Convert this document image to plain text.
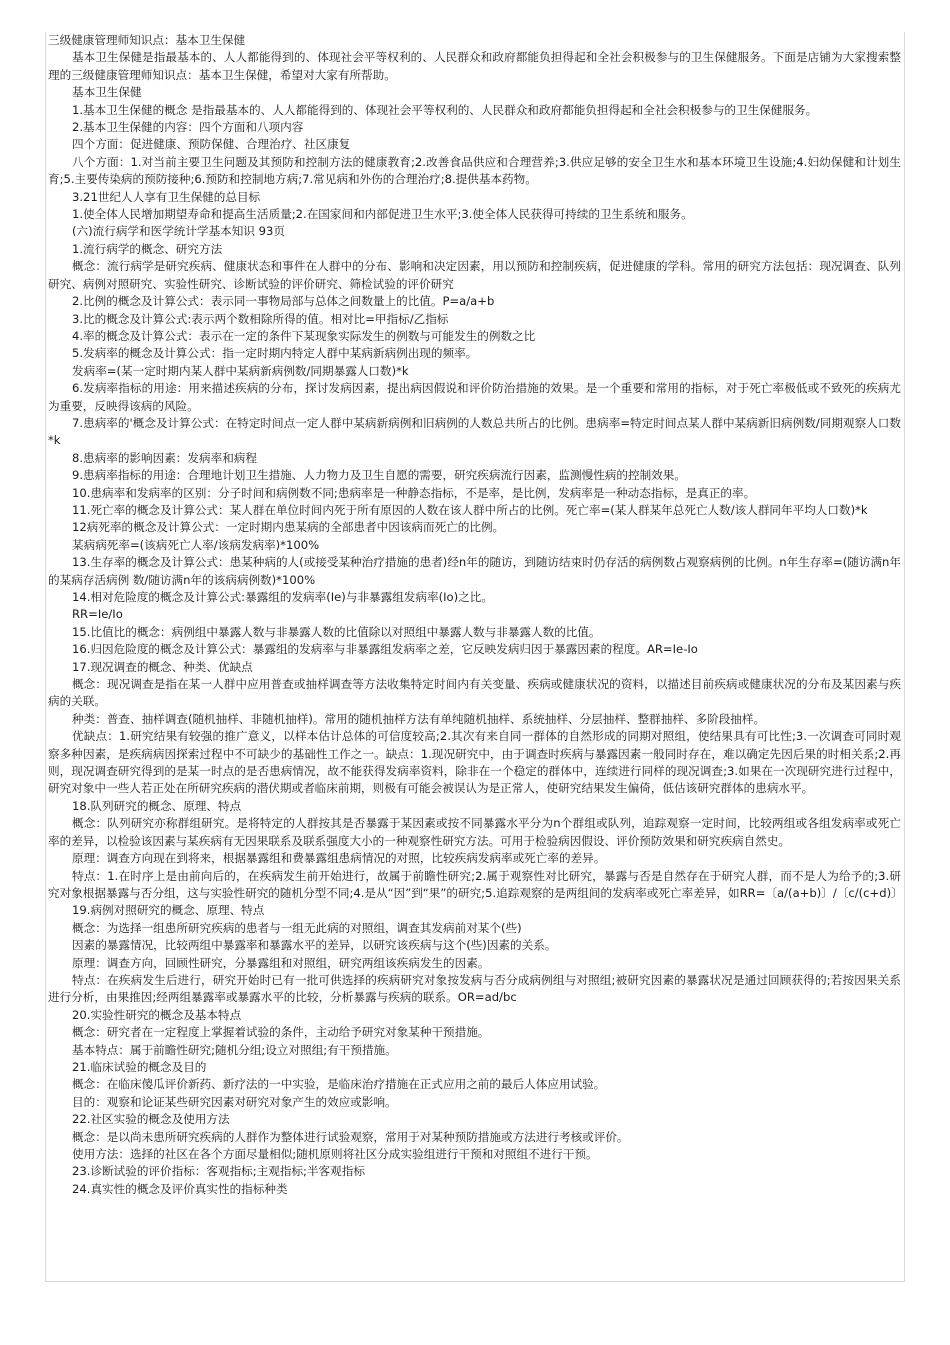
三级健康管理师知识点：基本卫生保健

基本卫生保健是指最基本的、人人都能得到的、体现社会平等权利的、人民群众和政府都能负担得起和全社会积极参与的卫生保健服务。下面是店铺为大家搜索整理的三级健康管理师知识点：基本卫生保健，希望对大家有所帮助。

基本卫生保健

1.基本卫生保健的概念 是指最基本的、人人都能得到的、体现社会平等权利的、人民群众和政府都能负担得起和全社会积极参与的卫生保健服务。

2.基本卫生保健的内容：四个方面和八项内容

四个方面：促进健康、预防保健、合理治疗、社区康复

八个方面：1.对当前主要卫生问题及其预防和控制方法的健康教育;2.改善食品供应和合理营养;3.供应足够的安全卫生水和基本环境卫生设施;4.妇幼保健和计划生育;5.主要传染病的预防接种;6.预防和控制地方病;7.常见病和外伤的合理治疗;8.提供基本药物。

3.21世纪人人享有卫生保健的总目标

1.使全体人民增加期望寿命和提高生活质量;2.在国家间和内部促进卫生水平;3.使全体人民获得可持续的卫生系统和服务。

(六)流行病学和医学统计学基本知识 93页

1.流行病学的概念、研究方法

概念：流行病学是研究疾病、健康状态和事件在人群中的分布、影响和决定因素，用以预防和控制疾病，促进健康的学科。常用的研究方法包括：现况调查、队列研究、病例对照研究、实验性研究、诊断试验的评价研究、筛检试验的评价研究

2.比例的概念及计算公式：表示同一事物局部与总体之间数量上的比值。P=a/a+b

3.比的概念及计算公式:表示两个数相除所得的值。相对比=甲指标/乙指标

4.率的概念及计算公式：表示在一定的条件下某现象实际发生的例数与可能发生的例数之比

5.发病率的概念及计算公式：指一定时期内特定人群中某病新病例出现的频率。

发病率=(某一定时期内某人群中某病新病例数/同期暴露人口数)*k

6.发病率指标的用途：用来描述疾病的分布，探讨发病因素，提出病因假说和评价防治措施的效果。是一个重要和常用的指标，对于死亡率极低或不致死的疾病尤为重要，反映得该病的风险。

7.患病率的'概念及计算公式：在特定时间点一定人群中某病新病例和旧病例的人数总共所占的比例。患病率=特定时间点某人群中某病新旧病例数/同期观察人口数*k

8.患病率的影响因素：发病率和病程

9.患病率指标的用途：合理地计划卫生措施、人力物力及卫生自愿的需要，研究疾病流行因素，监测慢性病的控制效果。

10.患病率和发病率的区别：分子时间和病例数不同;患病率是一种静态指标，不是率，是比例，发病率是一种动态指标，是真正的率。

11.死亡率的概念及计算公式：某人群在单位时间内死于所有原因的人数在该人群中所占的比例。死亡率=(某人群某年总死亡人数/该人群同年平均人口数)*k

12病死率的概念及计算公式：一定时期内患某病的全部患者中因该病而死亡的比例。

某病病死率=(该病死亡人率/该病发病率)*100%

13.生存率的概念及计算公式：患某种病的人(或接受某种治疗措施的患者)经n年的随访，到随访结束时仍存活的病例数占观察病例的比例。n年生存率=(随访满n年的某病存活病例 数/随访满n年的该病病例数)*100%

14.相对危险度的概念及计算公式:暴露组的发病率(Ie)与非暴露组发病率(Io)之比。

RR=Ie/Io

15.比值比的概念：病例组中暴露人数与非暴露人数的比值除以对照组中暴露人数与非暴露人数的比值。

16.归因危险度的概念及计算公式：暴露组的发病率与非暴露组发病率之差，它反映发病归因于暴露因素的程度。AR=Ie-Io

17.现况调查的概念、种类、优缺点

概念：现况调查是指在某一人群中应用普查或抽样调查等方法收集特定时间内有关变量、疾病或健康状况的资料，以描述目前疾病或健康状况的分布及某因素与疾病的关联。

种类：普查、抽样调查(随机抽样、非随机抽样)。常用的随机抽样方法有单纯随机抽样、系统抽样、分层抽样、整群抽样、多阶段抽样。

优缺点：1.研究结果有较强的推广意义，以样本估计总体的可信度较高;2.其次有来自同一群体的自然形成的同期对照组，使结果具有可比性;3.一次调查可同时观察多种因素，是疾病病因探索过程中不可缺少的基础性工作之一。缺点：1.现况研究中，由于调查时疾病与暴露因素一般同时存在，难以确定先因后果的时相关系;2.再则，现况调查研究得到的是某一时点的是否患病情况，故不能获得发病率资料，除非在一个稳定的群体中，连续进行同样的现况调查;3.如果在一次现研究进行过程中，研究对象中一些人若正处在所研究疾病的潜伏期或者临床前期，则极有可能会被误认为是正常人，使研究结果发生偏倚，低估该研究群体的患病水平。

18.队列研究的概念、原理、特点

概念：队列研究亦称群组研究。是将特定的人群按其是否暴露于某因素或按不同暴露水平分为n个群组或队列，追踪观察一定时间，比较两组或各组发病率或死亡率的差异，以检验该因素与某疾病有无因果联系及联系强度大小的一种观察性研究方法。可用于检验病因假设、评价预防效果和研究疾病自然史。

原理：调查方向现在到将来，根据暴露组和费暴露组患病情况的对照，比较疾病发病率或死亡率的差异。

特点：1.在时序上是由前向后的，在疾病发生前开始进行，故属于前瞻性研究;2.属于观察性对比研究，暴露与否是自然存在于研究人群，而不是人为给予的;3.研究对象根据暴露与否分组，这与实验性研究的随机分型不同;4.是从“因”到“果”的研究;5.追踪观察的是两组间的发病率或死亡率差异，如RR=〔a/(a+b)〕/〔c/(c+d)〕

19.病例对照研究的概念、原理、特点

概念：为选择一组患所研究疾病的患者与一组无此病的对照组，调查其发病前对某个(些)

因素的暴露情况，比较两组中暴露率和暴露水平的差异，以研究该疾病与这个(些)因素的关系。

原理：调查方向，回顾性研究，分暴露组和对照组，研究两组该疾病发生的因素。

特点：在疾病发生后进行，研究开始时已有一批可供选择的疾病研究对象按发病与否分成病例组与对照组;被研究因素的暴露状况是通过回顾获得的;若按因果关系进行分析，由果推因;经两组暴露率或暴露水平的比较，分析暴露与疾病的联系。OR=ad/bc

20.实验性研究的概念及基本特点

概念：研究者在一定程度上掌握着试验的条件，主动给予研究对象某种干预措施。

基本特点：属于前瞻性研究;随机分组;设立对照组;有干预措施。

21.临床试验的概念及目的

概念：在临床傻瓜评价新药、新疗法的一中实验，是临床治疗措施在正式应用之前的最后人体应用试验。

目的：观察和论证某些研究因素对研究对象产生的效应或影响。

22.社区实验的概念及使用方法

概念：是以尚未患所研究疾病的人群作为整体进行试验观察，常用于对某种预防措施或方法进行考核或评价。

使用方法：选择的社区在各个方面尽量相似;随机原则将社区分成实验组进行干预和对照组不进行干预。

23.诊断试验的评价指标：客观指标;主观指标;半客观指标

24.真实性的概念及评价真实性的指标种类
